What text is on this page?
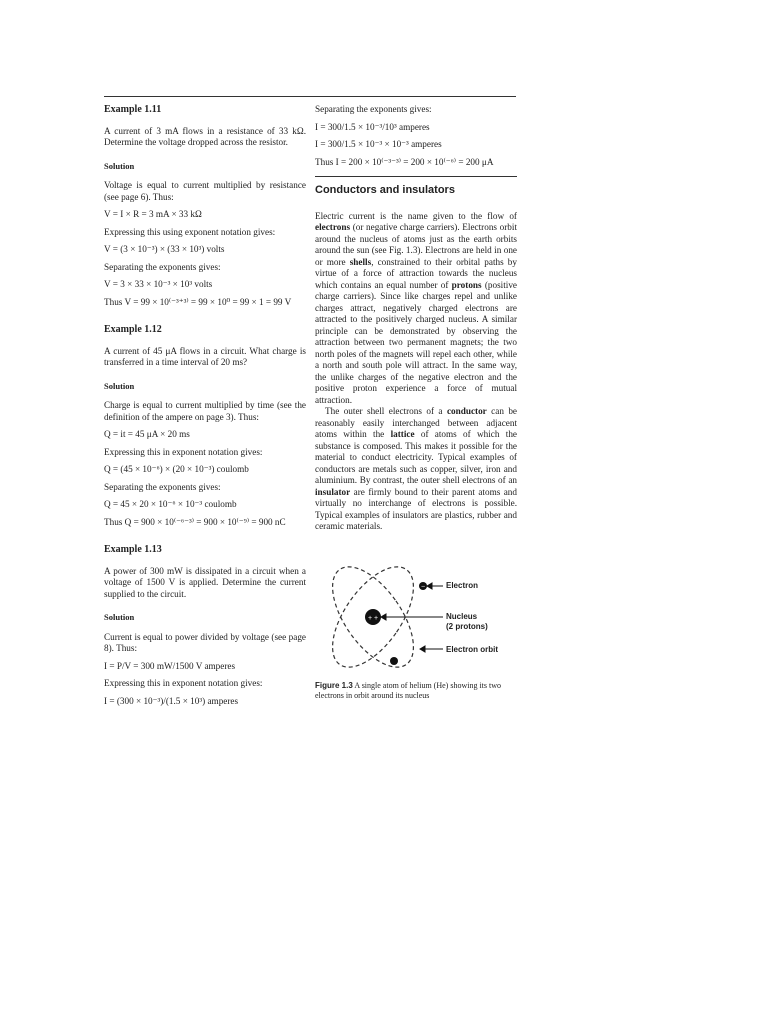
Example 1.11

A current of 3 mA flows in a resistance of 33 kΩ. Determine the voltage dropped across the resistor.

Solution

Voltage is equal to current multiplied by resistance (see page 6). Thus:

V = I × R = 3 mA × 33 kΩ

Expressing this using exponent notation gives:

V = (3 × 10⁻³) × (33 × 10³) volts

Separating the exponents gives:

V = 3 × 33 × 10⁻³ × 10³ volts
Thus V = 99 × 10⁽⁻³⁺³⁾ = 99 × 10⁰ = 99 × 1 = 99 V
Example 1.12

A current of 45 μA flows in a circuit. What charge is transferred in a time interval of 20 ms?

Solution

Charge is equal to current multiplied by time (see the definition of the ampere on page 3). Thus:

Q = it = 45 μA × 20 ms

Expressing this in exponent notation gives:

Q = (45 × 10⁻⁶) × (20 × 10⁻³) coulomb

Separating the exponents gives:

Q = 45 × 20 × 10⁻⁶ × 10⁻³ coulomb
Thus Q = 900 × 10⁽⁻⁶⁻³⁾ = 900 × 10⁽⁻⁹⁾ = 900 nC
Example 1.13

A power of 300 mW is dissipated in a circuit when a voltage of 1500 V is applied. Determine the current supplied to the circuit.

Solution

Current is equal to power divided by voltage (see page 8). Thus:

I = P/V = 300 mW/1500 V amperes

Expressing this in exponent notation gives:

I = (300 × 10⁻³)/(1.5 × 10³) amperes

Separating the exponents gives:

I = 300/1.5 × 10⁻³/10³ amperes
I = 300/1.5 × 10⁻³ × 10⁻³ amperes
Thus I = 200 × 10⁽⁻³⁻³⁾ = 200 × 10⁽⁻⁶⁾ = 200 μA
Conductors and insulators

Electric current is the name given to the flow of electrons (or negative charge carriers). Electrons orbit around the nucleus of atoms just as the earth orbits around the sun (see Fig. 1.3). Electrons are held in one or more shells, constrained to their orbital paths by virtue of a force of attraction towards the nucleus which contains an equal number of protons (positive charge carriers). Since like charges repel and unlike charges attract, negatively charged electrons are attracted to the positively charged nucleus. A similar principle can be demonstrated by observing the attraction between two permanent magnets; the two north poles of the magnets will repel each other, while a north and south pole will attract. In the same way, the unlike charges of the negative electron and the positive proton experience a force of mutual attraction.

The outer shell electrons of a conductor can be reasonably easily interchanged between adjacent atoms within the lattice of atoms of which the substance is composed. This makes it possible for the material to conduct electricity. Typical examples of conductors are metals such as copper, silver, iron and aluminium. By contrast, the outer shell electrons of an insulator are firmly bound to their parent atoms and virtually no interchange of electrons is possible. Typical examples of insulators are plastics, rubber and ceramic materials.

+ +
−	Electron
Nucleus
(2 protons)
Electron orbit
Figure 1.3 A single atom of helium (He) showing its two electrons in orbit around its nucleus
